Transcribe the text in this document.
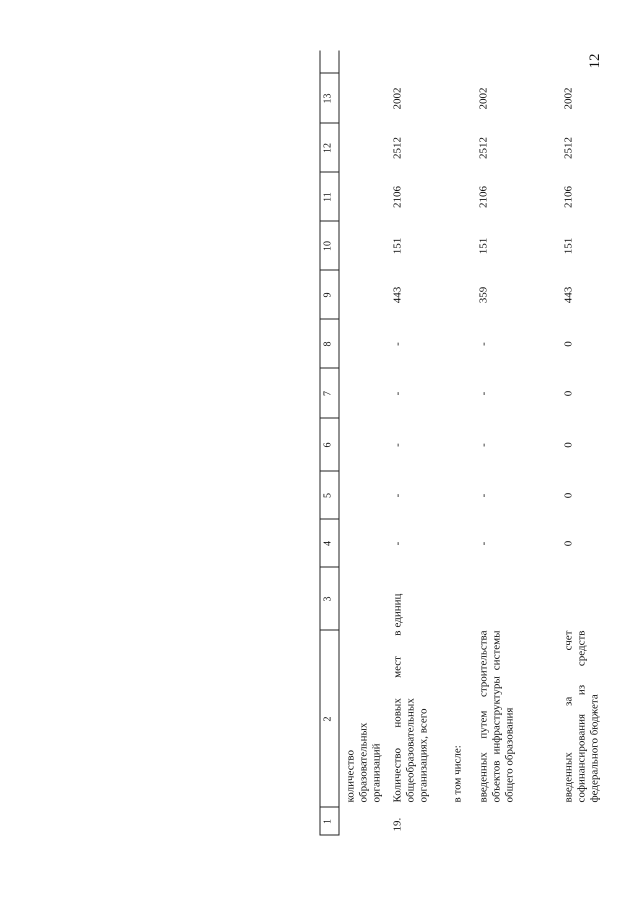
12
1
2
3
4
5
6
7
8
9
10
11
12
13
количество образовательных организаций
19.
Количество новых мест в общеобразовательных организациях, всего
единиц
-
-
-
-
-
443
151
2106
2512
2002
в том числе: введенных путем строительства объектов инфраструктуры системы общего образования
-
-
-
-
-
359
151
2106
2512
2002
введенных за счет софинансирования из средств федерального бюджета
0
0
0
0
0
443
151
2106
2512
2002
